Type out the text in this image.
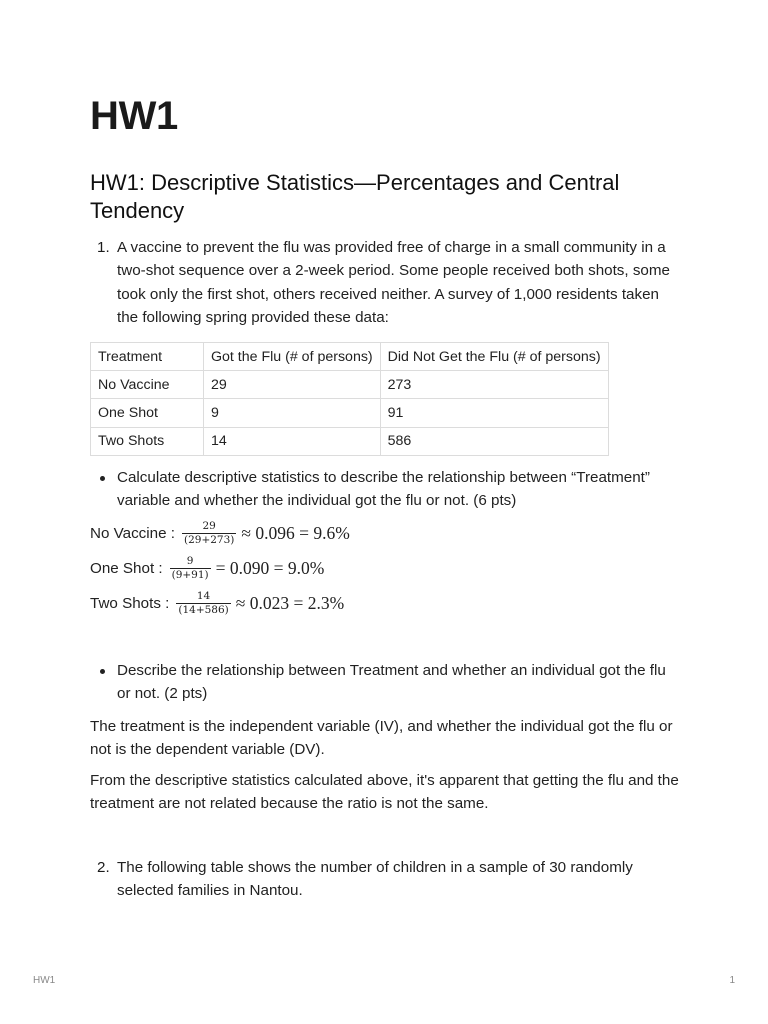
HW1
HW1: Descriptive Statistics—Percentages and Central Tendency
1. A vaccine to prevent the flu was provided free of charge in a small community in a two-shot sequence over a 2-week period. Some people received both shots, some took only the first shot, others received neither. A survey of 1,000 residents taken the following spring provided these data:
Treatment	Got the Flu (# of persons)	Did Not Get the Flu (# of persons)
No Vaccine	29	273
One Shot	9	91
Two Shots	14	586
Calculate descriptive statistics to describe the relationship between “Treatment” variable and whether the individual got the flu or not. (6 pts)
No Vaccine : $\frac{29}{(29+273)} \approx 0.096 = 9.6\%$
One Shot : $\frac{9}{(9+91)} = 0.090 = 9.0\%$
Two Shots : $\frac{14}{(14+586)} \approx 0.023 = 2.3\%$
Describe the relationship between Treatment and whether an individual got the flu or not. (2 pts)
The treatment is the independent variable (IV), and whether the individual got the flu or not is the dependent variable (DV).
From the descriptive statistics calculated above, it's apparent that getting the flu and the treatment are not related because the ratio is not the same.
2. The following table shows the number of children in a sample of 30 randomly selected families in Nantou.
HW1	1
